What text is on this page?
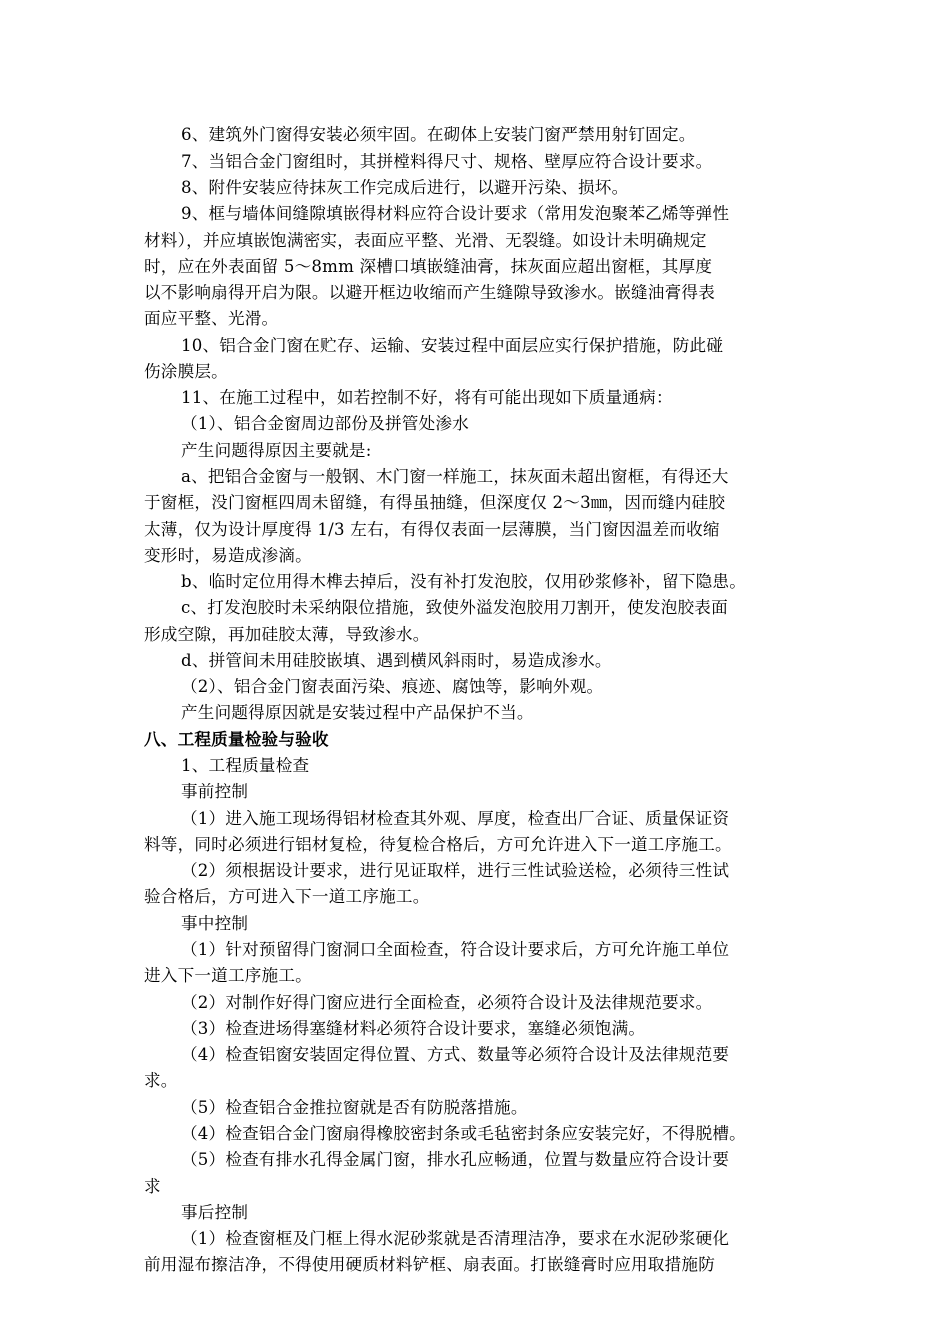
6、建筑外门窗得安装必须牢固。在砌体上安装门窗严禁用射钉固定。
7、当铝合金门窗组时，其拼樘料得尺寸、规格、壁厚应符合设计要求。
8、附件安装应待抹灰工作完成后进行，以避开污染、损坏。
9、框与墙体间缝隙填嵌得材料应符合设计要求（常用发泡聚苯乙烯等弹性
材料），并应填嵌饱满密实，表面应平整、光滑、无裂缝。如设计未明确规定
时，应在外表面留 5～8mm 深槽口填嵌缝油膏，抹灰面应超出窗框，其厚度
以不影响扇得开启为限。以避开框边收缩而产生缝隙导致渗水。嵌缝油膏得表
面应平整、光滑。
10、铝合金门窗在贮存、运输、安装过程中面层应实行保护措施，防此碰
伤涂膜层。
11、在施工过程中，如若控制不好，将有可能出现如下质量通病：
（1）、铝合金窗周边部份及拼管处渗水
产生问题得原因主要就是:
a、把铝合金窗与一般钢、木门窗一样施工，抹灰面未超出窗框，有得还大
于窗框，没门窗框四周未留缝，有得虽抽缝，但深度仅 2～3㎜，因而缝内硅胶
太薄，仅为设计厚度得 1/3 左右，有得仅表面一层薄膜，当门窗因温差而收缩
变形时，易造成渗滴。
b、临时定位用得木榫去掉后，没有补打发泡胶，仅用砂浆修补，留下隐患。
c、打发泡胶时未采纳限位措施，致使外溢发泡胶用刀割开，使发泡胶表面
形成空隙，再加硅胶太薄，导致渗水。
d、拼管间未用硅胶嵌填、遇到横风斜雨时，易造成渗水。
（2）、铝合金门窗表面污染、痕迹、腐蚀等，影响外观。
产生问题得原因就是安装过程中产品保护不当。
八、工程质量检验与验收
1、工程质量检查
事前控制
（1）进入施工现场得铝材检查其外观、厚度，检查出厂合证、质量保证资
料等，同时必须进行铝材复检，待复检合格后，方可允许进入下一道工序施工。
（2）须根据设计要求，进行见证取样，进行三性试验送检，必须待三性试
验合格后，方可进入下一道工序施工。
事中控制
（1）针对预留得门窗洞口全面检查，符合设计要求后，方可允许施工单位
进入下一道工序施工。
（2）对制作好得门窗应进行全面检查，必须符合设计及法律规范要求。
（3）检查进场得塞缝材料必须符合设计要求，塞缝必须饱满。
（4）检查铝窗安装固定得位置、方式、数量等必须符合设计及法律规范要
求。
（5）检查铝合金推拉窗就是否有防脱落措施。
（4）检查铝合金门窗扇得橡胶密封条或毛毡密封条应安装完好，不得脱槽。
（5）检查有排水孔得金属门窗，排水孔应畅通，位置与数量应符合设计要
求
事后控制
（1）检查窗框及门框上得水泥砂浆就是否清理洁净，要求在水泥砂浆硬化
前用湿布擦洁净，不得使用硬质材料铲框、扇表面。打嵌缝膏时应用取措施防
